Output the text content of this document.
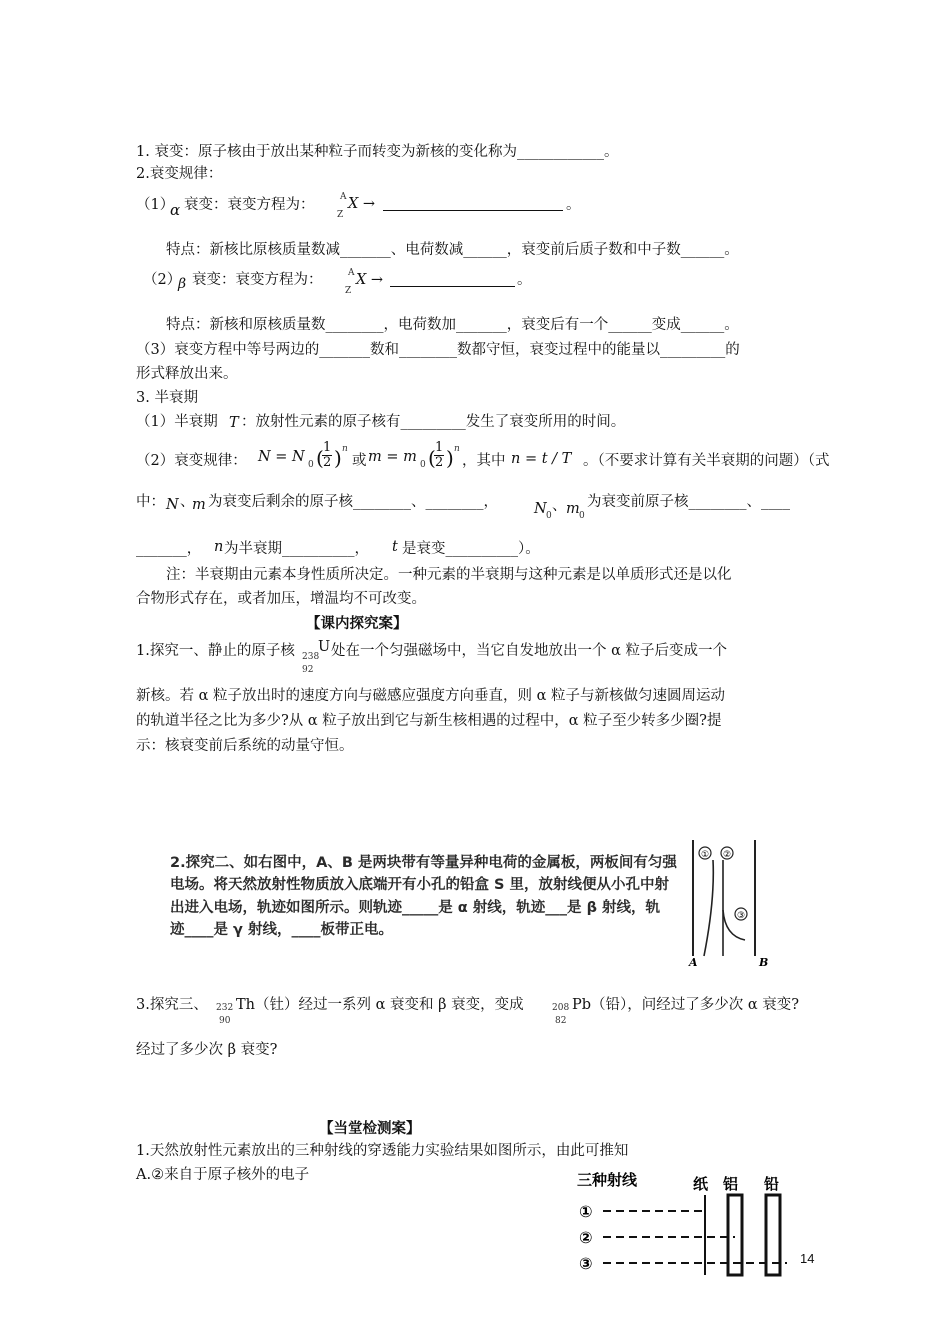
1. 衰变：原子核由于放出某种粒子而转变为新核的变化称为____________。
2.衰变规律：
（1）
α 衰变：衰变方程为：	A
Z
X →	。
特点：新核比原核质量数减_______、电荷数减______，衰变前后质子数和中子数______。
（2）
β 衰变：衰变方程为：	A
Z
X →	。
特点：新核和原核质量数________，电荷数加_______，衰变后有一个______变成______。
（3）衰变方程中等号两边的_______数和________数都守恒，衰变过程中的能量以_________的
形式释放出来。
3. 半衰期
（1）半衰期 T ：放射性元素的原子核有_________发生了衰变所用的时间。
（2）衰变规律： N = N 0 (
$\frac{1}{2}$ ) n
或 m = m 0 (
$\frac{1}{2}$ ) n
，其中 n = t / T 。（不要求计算有关半衰期的问题）（式
中： N 、
m 为衰变后剩余的原子核________、________， N 0
、 m 0
为衰变前原子核________、____
_______， n 为半衰期__________， t 是衰变__________）。
注：半衰期由元素本身性质所决定。一种元素的半衰期与这种元素是以单质形式还是以化
合物形式存在，或者加压，增温均不可改变。
【课内探究案】
1.探究一、静止的原子核 238
92
U 处在一个匀强磁场中，当它自发地放出一个 α 粒子后变成一个
新核。若 α 粒子放出时的速度方向与磁感应强度方向垂直，则 α 粒子与新核做匀速圆周运动
的轨道半径之比为多少?从 α 粒子放出到它与新生核相遇的过程中，α 粒子至少转多少圈?提
示：核衰变前后系统的动量守恒。
2.探究二、如右图中，A、B 是两块带有等量异种电荷的金属板，两板间有匀强
电场。将天然放射性物质放入底端开有小孔的铅盒 S 里，放射线便从小孔中射
出进入电场，轨迹如图所示。则轨迹_____是 α 射线，轨迹___是 β 射线，轨
迹____是 γ 射线，____板带正电。
① ②
③
A	B
3.探究三、 232
90
Th（钍）经过一系列 α 衰变和 β 衰变，变成	208
82
Pb（铅），问经过了多少次 α 衰变?
经过了多少次 β 衰变?
【当堂检测案】
1.天然放射性元素放出的三种射线的穿透能力实验结果如图所示，由此可推知
A.②来自于原子核外的电子	三种射线	纸 铝 铅
①
②
③	14
